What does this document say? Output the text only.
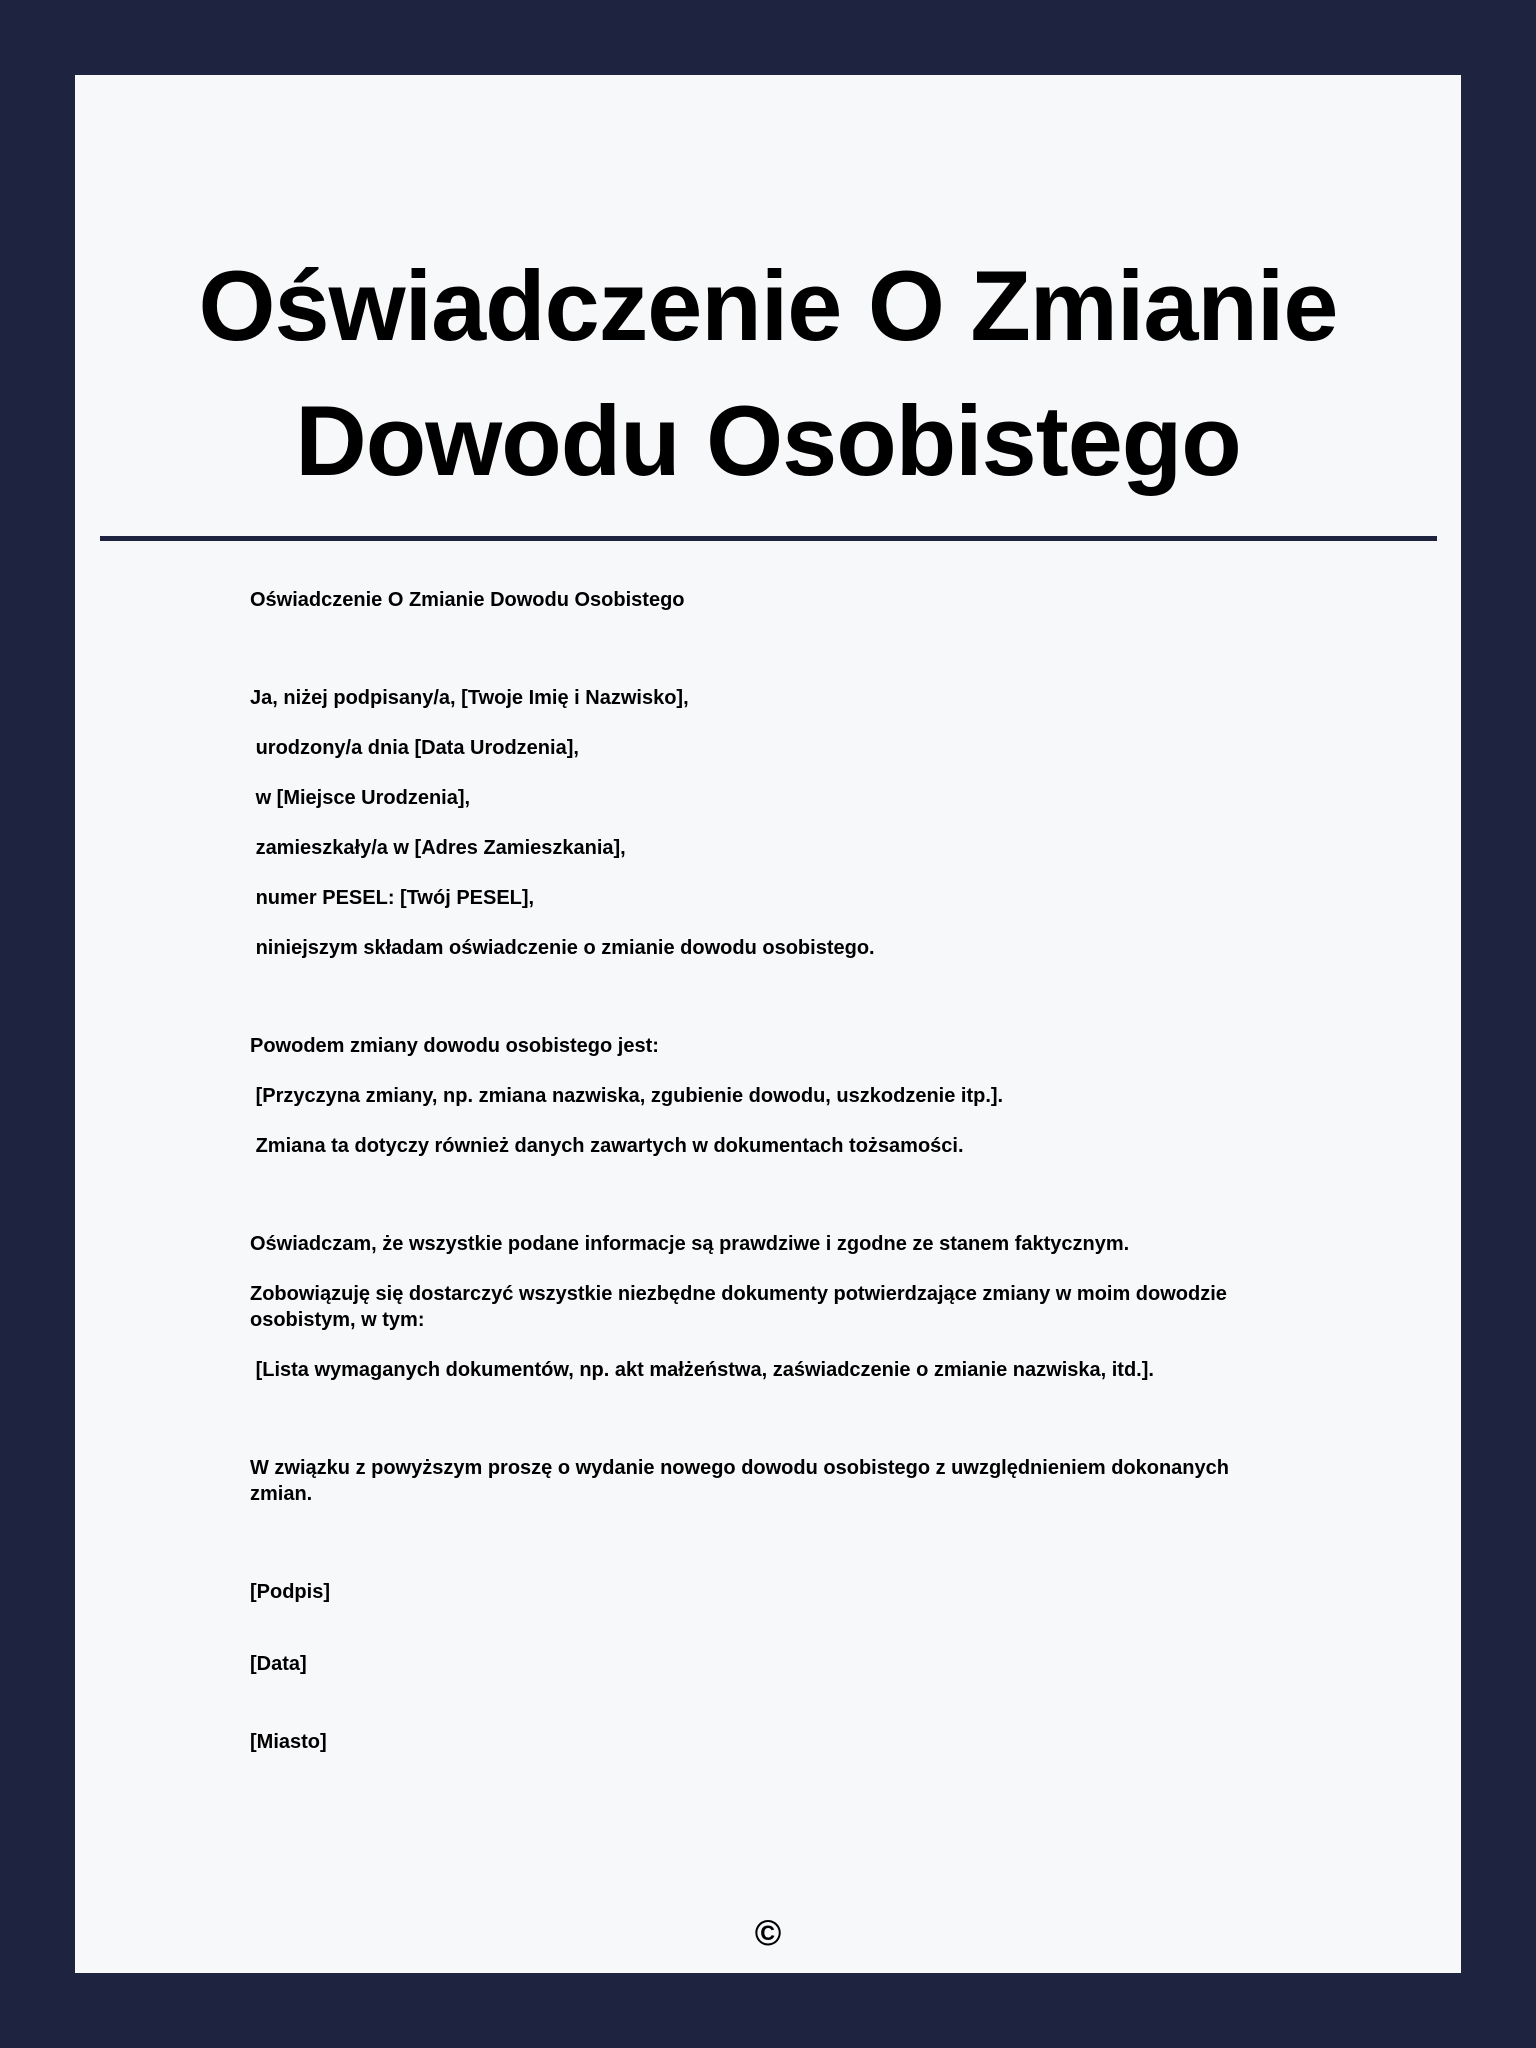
Oświadczenie O Zmianie Dowodu Osobistego

Oświadczenie O Zmianie Dowodu Osobistego

Ja, niżej podpisany/a, [Twoje Imię i Nazwisko],

urodzony/a dnia [Data Urodzenia],

w [Miejsce Urodzenia],

zamieszkały/a w [Adres Zamieszkania],

numer PESEL: [Twój PESEL],

niniejszym składam oświadczenie o zmianie dowodu osobistego.

Powodem zmiany dowodu osobistego jest:

[Przyczyna zmiany, np. zmiana nazwiska, zgubienie dowodu, uszkodzenie itp.].

Zmiana ta dotyczy również danych zawartych w dokumentach tożsamości.

Oświadczam, że wszystkie podane informacje są prawdziwe i zgodne ze stanem faktycznym.

Zobowiązuję się dostarczyć wszystkie niezbędne dokumenty potwierdzające zmiany w moim dowodzie osobistym, w tym:

[Lista wymaganych dokumentów, np. akt małżeństwa, zaświadczenie o zmianie nazwiska, itd.].

W związku z powyższym proszę o wydanie nowego dowodu osobistego z uwzględnieniem dokonanych zmian.

[Podpis]

[Data]

[Miasto]

©
